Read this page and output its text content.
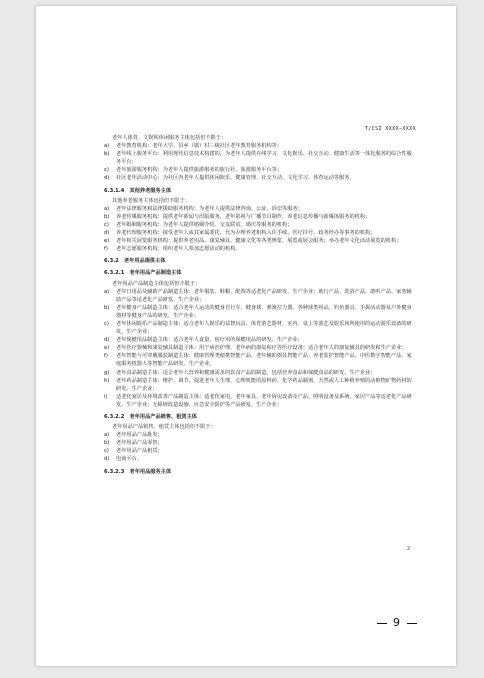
T/CSI XXXX—XXXX
老年人体育、文娱和休闲服务主体包括但不限于：
a) 老年教育机构：老年大学、县乡（镇）村三级社区老年教育服务机构等；
b) 老年线上服务平台：利用现代信息技术构建的，为老年人提供在线学习、文化娱乐、社交互动、健康生活等一体化服务的综合性服务平台；
c) 老年旅游服务机构：为老年人提供旅游服务的旅行社、旅游服务平台等；
d) 社区老年活动中心：为社区内老年人提供休闲娱乐、健康管理、社交互动、文化学习、体育运动等服务。
6.3.1.4　其他养老服务主体
其他养老服务主体包括但不限于：
a) 老年法律服务和法律援助服务机构：为老年人提供法律咨询、公证、诉讼等服务；
b) 养老传媒服务机构：提供老年新闻与出版服务，老年影视与广播节目制作，养老信息传播与新媒体服务的机构；
c) 老年婚姻服务机构：为老年人提供婚姻介绍、交友联谊、婚庆等服务的机构；
d) 养老代理服务机构：接受老年人或其家属委托，代为办理养老机构入住手续、医疗挂号、政务经办等事务的机构；
e) 老年相关展览服务机构：提供养老用品、康复辅具、健康文化等各类博览、展览或展会服务；举办老年文化活动展览的机构；
f) 老年志愿服务机构：组织老年人参加志愿活动的机构。
6.3.2　老年用品提供主体
6.3.2.1　老年用品产品制造主体
老年用品产品制造主体包括但不限于：
a) 老年日用品及辅助产品制造主体：老年服装、鞋帽、配饰等适老化产品研发、生产企业；助行产品、洗浴产品、助听产品、家务辅助产品等适老化产品研发、生产企业；
b) 老年健身产品制造主体：适合老年人运动的健身自行车、健身球、弹簧拉力器、各种球类用品、钓鱼器具、手握活动器及户外健身器材等健身产品的研发、生产企业；
c) 老年休闲娱乐产品制造主体：适合老年人娱乐的益智玩具、体育游艺器材、室内、桌上等游艺及娱乐场所使用的运动游乐设备的研发、生产企业；
d) 老年保健用品制造主体：适合老年人食量、宿疗用的保健用品的研发、生产企业；
e) 老年医疗器械和康复辅具制造主体：用于病治护理、老年病的康复和疗等医疗设备；适合老年人的康复辅具的研发和生产企业；
f) 老年智能与可穿戴服装制造主体：健康管理类便携智能产品、老年辅助器具智能产品、养老监护智能产品、中医数字智能产品、家庭服务机器人等智能产品研发、生产企业。
g) 老年食品制造主体：适合老年人营养和健康需求的饮食产品的制造，包括营养食品和保健食品的研发、生产企业；
h) 老年药品制造主体：维护、调节、促进老年人生理、心理机能的原料药、化学药品制剂、天然或人工种植养殖的动植物矿物药材的研发、生产企业；
i) 适老化家居及环境改善产品制造主体：适老化家电、老年家具、老年厨房设备及产品、照明设备及系统、家居产品等适老化产品研发、生产企业；无障碍改造设施、应急安全防护等产品研发、生产企业；
6.3.2.2　老年用品产品销售、租赁主体
老年用品产品销售、租赁主体包括但不限于：
a) 老年用品产品批发；
b) 老年用品产品零售；
c) 老年用品产品租赁；
d) 电商平台。
6.3.2.3　老年用品服务主体
2
9
